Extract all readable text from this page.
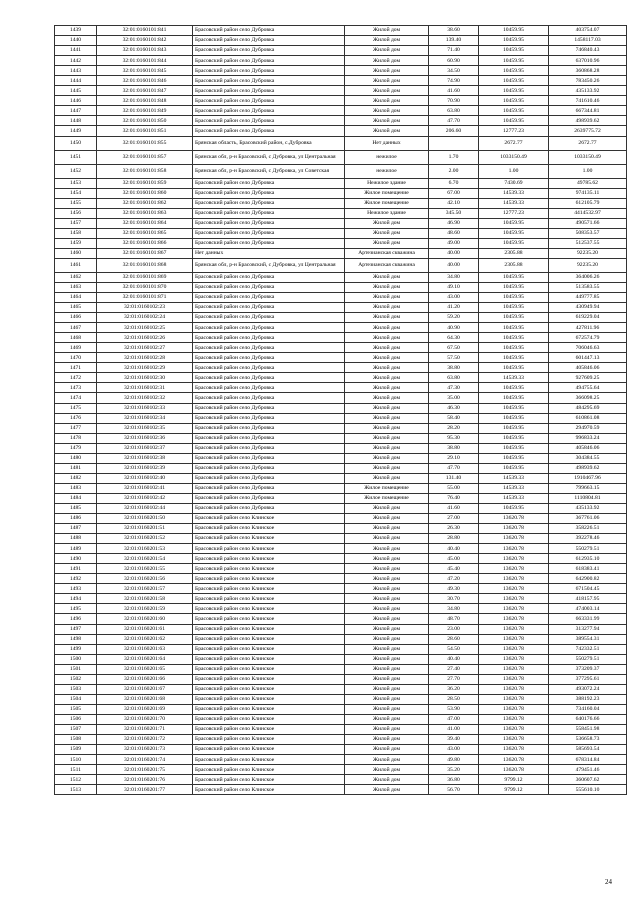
1439	32:01:0160101:841	Брасовский район село Дубровка	Жилой дом	38.60	10459.95	403754.07
1440	32:01:0160101:842	Брасовский район село Дубровка	Жилой дом	139.40	10459.95	1458117.03
1441	32:01:0160101:843	Брасовский район село Дубровка	Жилой дом	71.40	10459.95	746840.43
1442	32:01:0160101:844	Брасовский район село Дубровка	Жилой дом	60.90	10459.95	637010.96
1443	32:01:0160101:845	Брасовский район село Дубровка	Жилой дом	34.50	10459.95	360868.28
1444	32:01:0160101:846	Брасовский район село Дубровка	Жилой дом	74.90	10459.95	783450.26
1445	32:01:0160101:847	Брасовский район село Дубровка	Жилой дом	41.60	10459.95	435133.92
1446	32:01:0160101:848	Брасовский район село Дубровка	Жилой дом	70.90	10459.95	741610.46
1447	32:01:0160101:849	Брасовский район село Дубровка	Жилой дом	63.80	10459.95	667344.81
1448	32:01:0160101:850	Брасовский район село Дубровка	Жилой дом	47.70	10459.95	498939.62
1449	32:01:0160101:851	Брасовский район село Дубровка	Жилой дом	206.60	12777.23	2639775.72
1450	32:01:0160101:855	Брянская область, Брасовский район, с.Дубровка	Нет данных		2672.77	2672.77
1451	32:01:0160101:857	Брянская обл, р-н Брасовский, с Дубровка, ул Центральная	нежилое	1.70	1033150.49	1033150.49
1452	32:01:0160101:858	Брянская обл, р-н Брасовский, с Дубровка, ул Советская	нежилое	2.00	1.00	1.00
1453	32:01:0160101:859	Брасовский район село Дубровка	Нежилое здание	6.70	7430.69	49785.62
1454	32:01:0160101:860	Брасовский район село Дубровка	Жилое помещение	67.00	14539.33	974135.11
1455	32:01:0160101:862	Брасовский район село Дубровка	Жилое помещение	42.10	14539.33	612105.79
1456	32:01:0160101:863	Брасовский район село Дубровка	Нежилое здание	345.50	12777.23	4414532.97
1457	32:01:0160101:864	Брасовский район село Дубровка	Жилой дом	46.90	10459.95	490571.66
1458	32:01:0160101:865	Брасовский район село Дубровка	Жилой дом	48.60	10459.95	508353.57
1459	32:01:0160101:866	Брасовский район село Дубровка	Жилой дом	49.00	10459.95	512537.55
1460	32:01:0160101:867	Нет данных	Артезианская скважина	40.00	2305.88	92235.20
1461	32:01:0160101:868	Брянская обл, р-н Брасовский, с Дубровка, ул Центральная	Артезианская скважина	40.00	2305.88	92235.20
1462	32:01:0160101:869	Брасовский район село Дубровка	Жилой дом	34.80	10459.95	364006.26
1463	32:01:0160101:870	Брасовский район село Дубровка	Жилой дом	49.10	10459.95	513583.55
1464	32:01:0160101:871	Брасовский район село Дубровка	Жилой дом	43.00	10459.95	449777.85
1465	32:01:0160102:23	Брасовский район село Дубровка	Жилой дом	41.20	10459.95	430949.94
1466	32:01:0160102:24	Брасовский район село Дубровка	Жилой дом	59.20	10459.95	619229.04
1467	32:01:0160102:25	Брасовский район село Дубровка	Жилой дом	40.90	10459.95	427811.96
1468	32:01:0160102:26	Брасовский район село Дубровка	Жилой дом	64.30	10459.95	672574.79
1469	32:01:0160102:27	Брасовский район село Дубровка	Жилой дом	67.50	10459.95	706046.63
1470	32:01:0160102:28	Брасовский район село Дубровка	Жилой дом	57.50	10459.95	601447.13
1471	32:01:0160102:29	Брасовский район село Дубровка	Жилой дом	38.80	10459.95	405846.06
1472	32:01:0160102:30	Брасовский район село Дубровка	Жилой дом	63.80	14539.33	927609.25
1473	32:01:0160102:31	Брасовский район село Дубровка	Жилой дом	47.30	10459.95	494755.64
1474	32:01:0160102:32	Брасовский район село Дубровка	Жилой дом	35.00	10459.95	366098.25
1475	32:01:0160102:33	Брасовский район село Дубровка	Жилой дом	46.30	10459.95	484295.69
1476	32:01:0160102:34	Брасовский район село Дубровка	Жилой дом	58.40	10459.95	610861.08
1477	32:01:0160102:35	Брасовский район село Дубровка	Жилой дом	28.20	10459.95	294970.59
1478	32:01:0160102:36	Брасовский район село Дубровка	Жилой дом	95.30	10459.95	996833.24
1479	32:01:0160102:37	Брасовский район село Дубровка	Жилой дом	38.80	10459.95	405846.06
1480	32:01:0160102:38	Брасовский район село Дубровка	Жилой дом	29.10	10459.95	304384.55
1481	32:01:0160102:39	Брасовский район село Дубровка	Жилой дом	47.70	10459.95	498939.62
1482	32:01:0160102:40	Брасовский район село Дубровка	Жилой дом	131.40	14539.33	1910467.96
1483	32:01:0160102:41	Брасовский район село Дубровка	Жилое помещение	55.00	14539.33	799663.15
1484	32:01:0160102:42	Брасовский район село Дубровка	Жилое помещение	76.40	14539.33	1110804.81
1485	32:01:0160102:44	Брасовский район село Дубровка	Жилой дом	41.60	10459.95	435133.92
1486	32:01:0160201:50	Брасовский район село Клинское	Жилой дом	27.00	13620.78	367761.06
1487	32:01:0160201:51	Брасовский район село Клинское	Жилой дом	26.30	13620.78	358226.51
1488	32:01:0160201:52	Брасовский район село Клинское	Жилой дом	28.80	13620.78	392278.46
1489	32:01:0160201:53	Брасовский район село Клинское	Жилой дом	40.40	13620.78	550279.51
1490	32:01:0160201:54	Брасовский район село Клинское	Жилой дом	45.00	13620.78	612935.10
1491	32:01:0160201:55	Брасовский район село Клинское	Жилой дом	45.40	13620.78	618383.41
1492	32:01:0160201:56	Брасовский район село Клинское	Жилой дом	47.20	13620.78	642900.82
1493	32:01:0160201:57	Брасовский район село Клинское	Жилой дом	49.30	13620.78	671504.45
1494	32:01:0160201:58	Брасовский район село Клинское	Жилой дом	30.70	13620.78	418157.95
1495	32:01:0160201:59	Брасовский район село Клинское	Жилой дом	34.80	13620.78	474003.14
1496	32:01:0160201:60	Брасовский район село Клинское	Жилой дом	48.70	13620.78	663331.99
1497	32:01:0160201:61	Брасовский район село Клинское	Жилой дом	23.00	13620.78	313277.94
1498	32:01:0160201:62	Брасовский район село Клинское	Жилой дом	28.60	13620.78	389554.31
1499	32:01:0160201:63	Брасовский район село Клинское	Жилой дом	54.50	13620.78	742332.51
1500	32:01:0160201:64	Брасовский район село Клинское	Жилой дом	40.40	13620.78	550279.51
1501	32:01:0160201:65	Брасовский район село Клинское	Жилой дом	27.40	13620.78	373209.37
1502	32:01:0160201:66	Брасовский район село Клинское	Жилой дом	27.70	13620.78	377295.61
1503	32:01:0160201:67	Брасовский район село Клинское	Жилой дом	36.20	13620.78	493072.24
1504	32:01:0160201:68	Брасовский район село Клинское	Жилой дом	28.50	13620.78	388192.23
1505	32:01:0160201:69	Брасовский район село Клинское	Жилой дом	53.90	13620.78	734160.04
1506	32:01:0160201:70	Брасовский район село Клинское	Жилой дом	47.00	13620.78	640176.66
1507	32:01:0160201:71	Брасовский район село Клинское	Жилой дом	41.00	13620.78	558451.98
1508	32:01:0160201:72	Брасовский район село Клинское	Жилой дом	39.40	13620.78	536658.73
1509	32:01:0160201:73	Брасовский район село Клинское	Жилой дом	43.00	13620.78	585693.54
1510	32:01:0160201:74	Брасовский район село Клинское	Жилой дом	49.80	13620.78	678314.84
1511	32:01:0160201:75	Брасовский район село Клинское	Жилой дом	35.20	13620.78	479451.46
1512	32:01:0160201:76	Брасовский район село Клинское	Жилой дом	36.80	9799.12	360607.62
1513	32:01:0160201:77	Брасовский район село Клинское	Жилой дом	56.70	9799.12	555610.10
24
